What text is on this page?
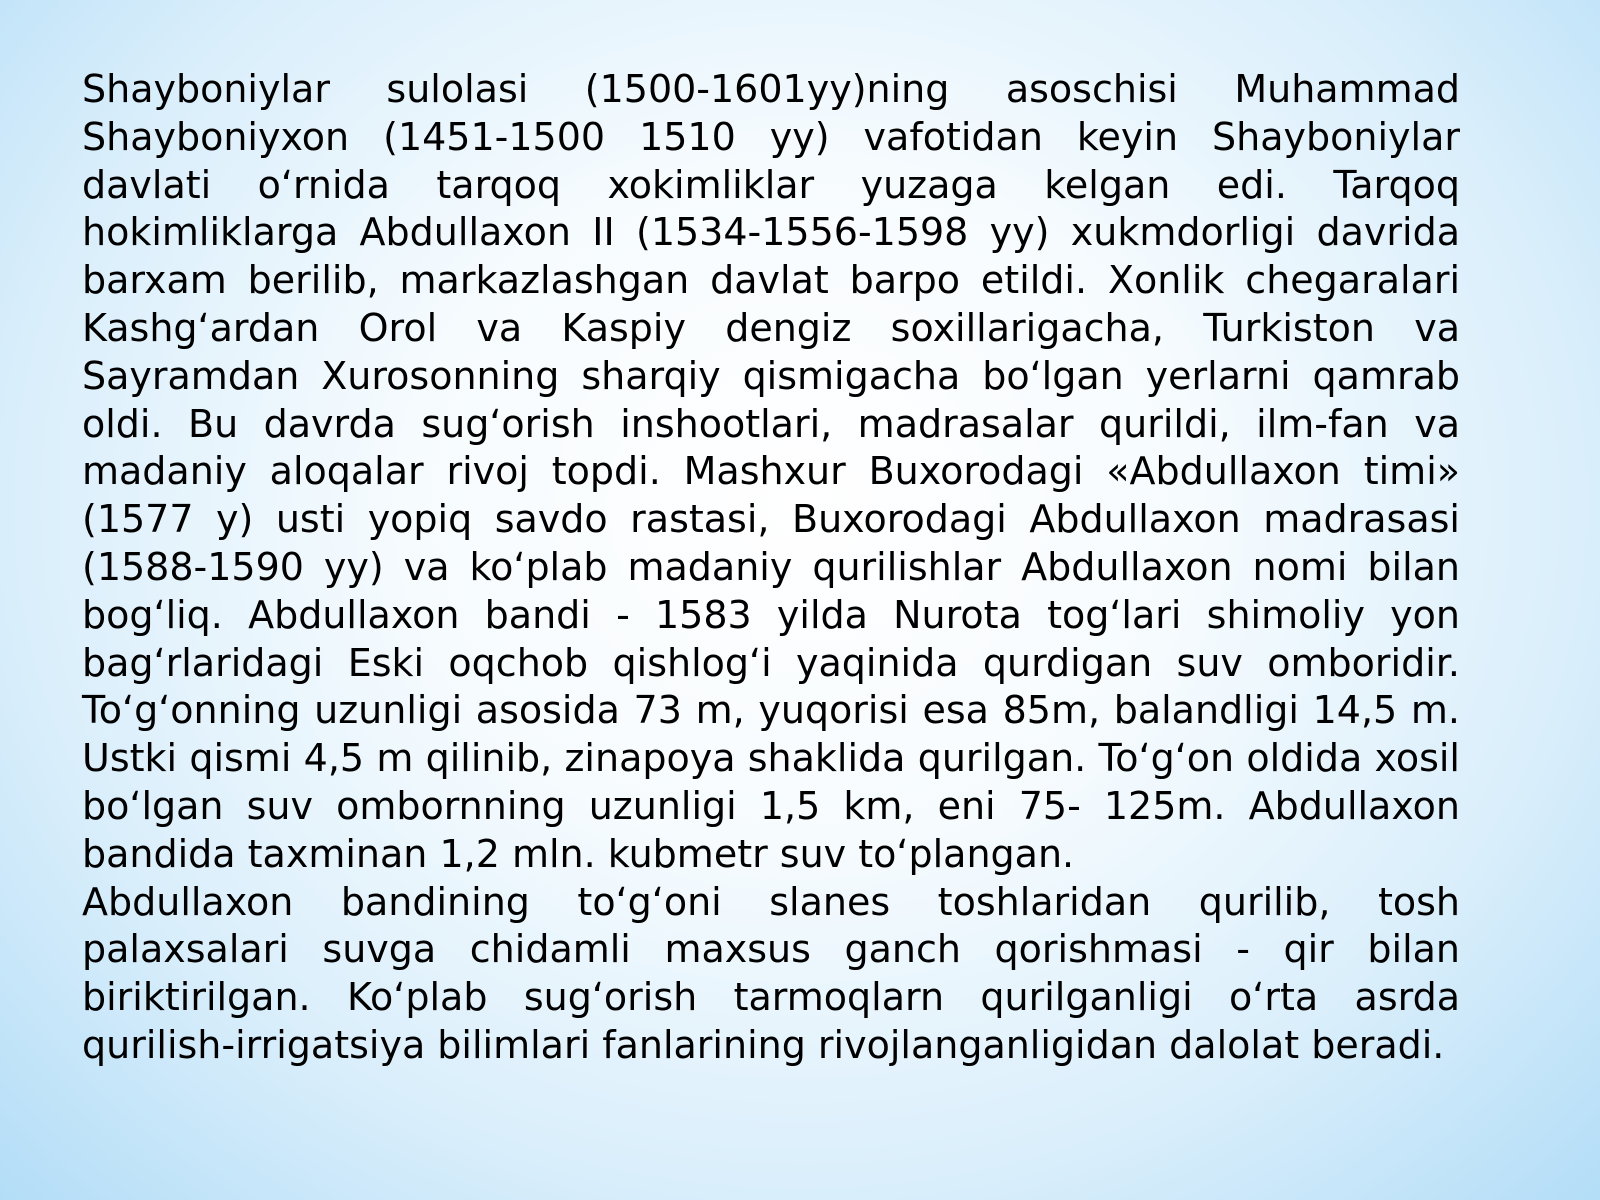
Shayboniylar sulolasi (1500-1601yy)ning asoschisi Muhammad Shayboniyxon (1451-1500 1510 yy) vafotidan keyin Shayboniylar davlati o‘rnida tarqoq xokimliklar yuzaga kelgan edi. Tarqoq hokimliklarga Abdullaxon II (1534-1556-1598 yy) xukmdorligi davrida barxam berilib, markazlashgan davlat barpo etildi. Xonlik chegaralari Kashg‘ardan Orol va Kaspiy dengiz soxillarigacha, Turkiston va Sayramdan Xurosonning sharqiy qismigacha bo‘lgan yerlarni qamrab oldi. Bu davrda sug‘orish inshootlari, madrasalar qurildi, ilm-fan va madaniy aloqalar rivoj topdi. Mashxur Buxorodagi «Abdullaxon timi» (1577 y) usti yopiq savdo rastasi, Buxorodagi Abdullaxon madrasasi (1588-1590 yy) va ko‘plab madaniy qurilishlar Abdullaxon nomi bilan bog‘liq. Abdullaxon bandi - 1583 yilda Nurota tog‘lari shimoliy yon bag‘rlaridagi Eski oqchob qishlog‘i yaqinida qurdigan suv omboridir. To‘g‘onning uzunligi asosida 73 m, yuqorisi esa 85m, balandligi 14,5 m. Ustki qismi 4,5 m qilinib, zinapoya shaklida qurilgan. To‘g‘on oldida xosil bo‘lgan suv ombornning uzunligi 1,5 km, eni 75- 125m. Abdullaxon bandida taxminan 1,2 mln. kubmetr suv to‘plangan.

Abdullaxon bandining to‘g‘oni slanes toshlaridan qurilib, tosh palaxsalari suvga chidamli maxsus ganch qorishmasi - qir bilan biriktirilgan. Ko‘plab sug‘orish tarmoqlarn qurilganligi o‘rta asrda qurilish-irrigatsiya bilimlari fanlarining rivojlanganligidan dalolat beradi.
